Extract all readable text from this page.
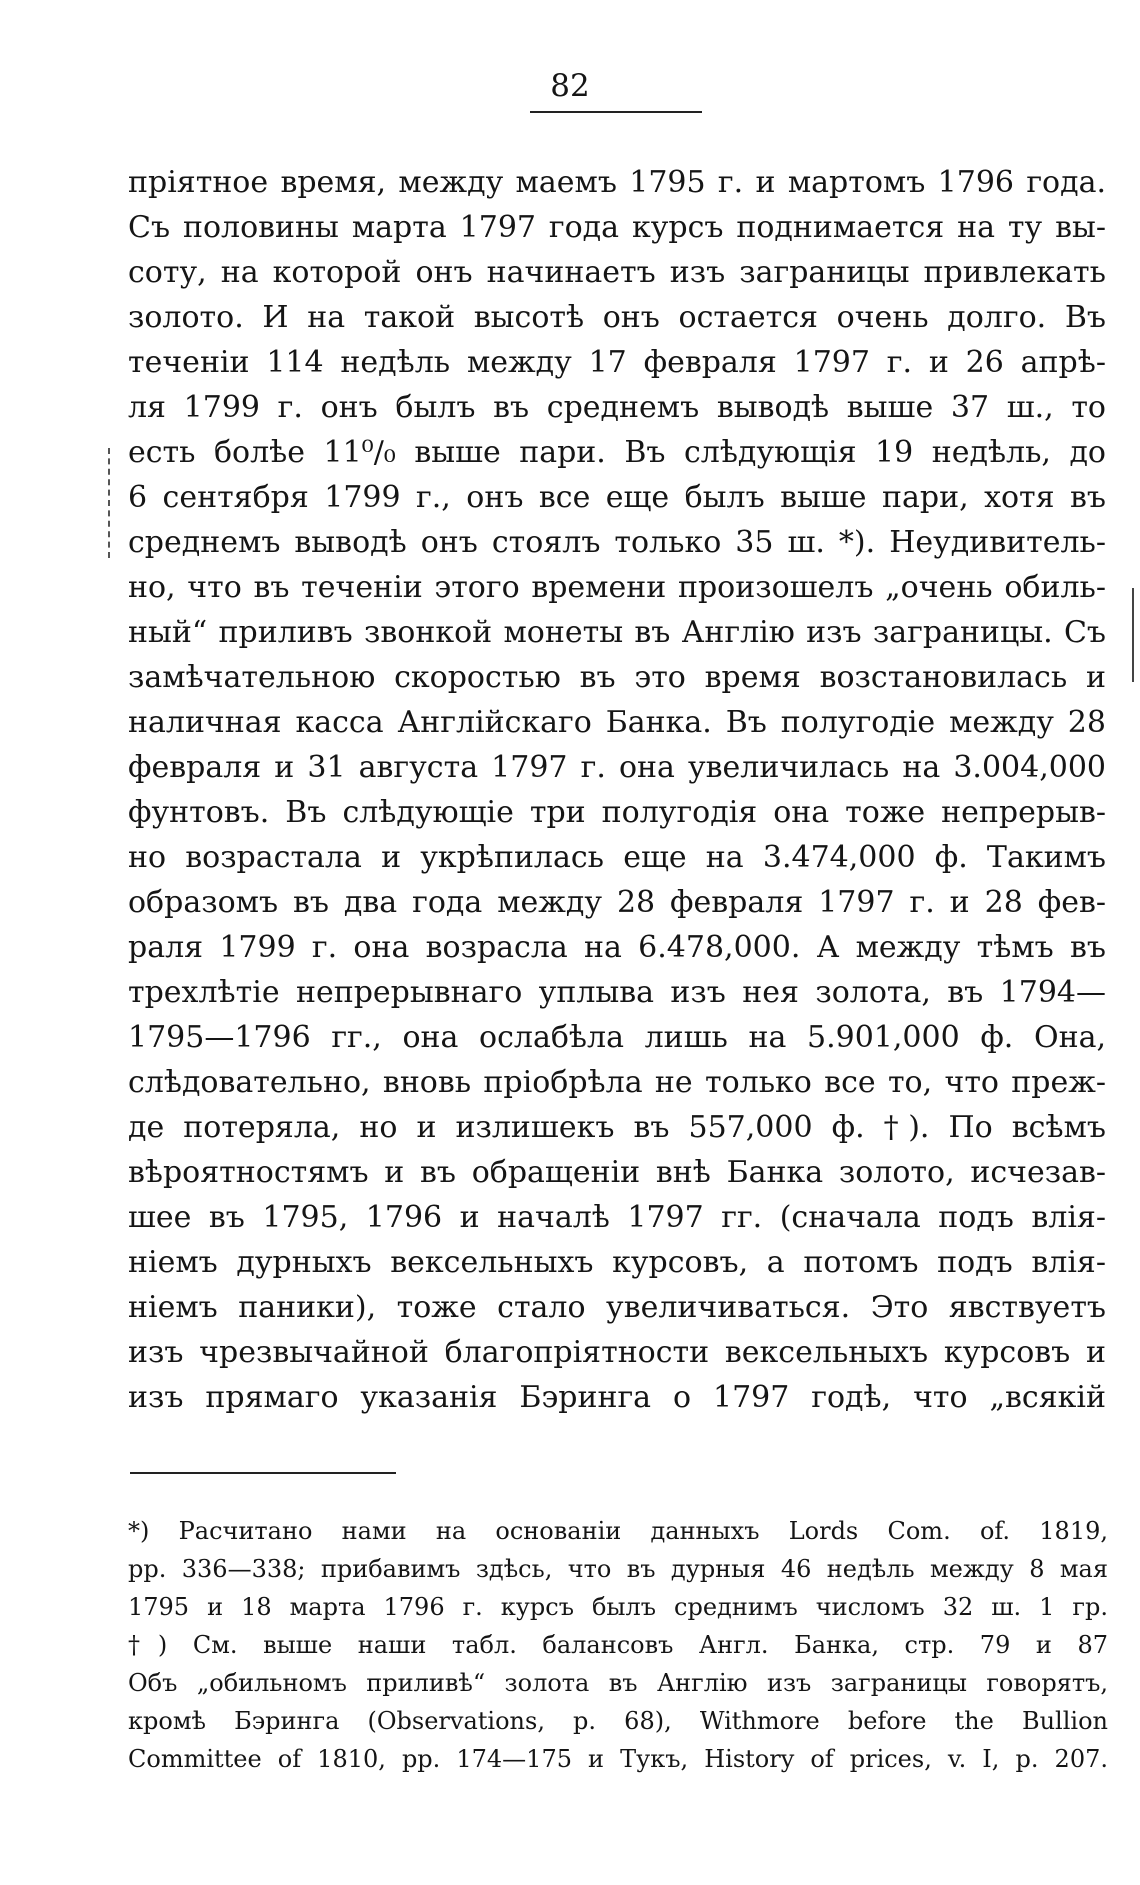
82
пріятное время, между маемъ 1795 г. и мартомъ 1796 года.
Съ половины марта 1797 года курсъ поднимается на ту вы-
соту, на которой онъ начинаетъ изъ заграницы привлекать
золото. И на такой высотѣ онъ остается очень долго. Въ
теченіи 114 недѣль между 17 февраля 1797 г. и 26 апрѣ-
ля 1799 г. онъ былъ въ среднемъ выводѣ выше 37 ш., то
есть болѣе 11⁰/₀ выше пари. Въ слѣдующія 19 недѣль, до
6 сентября 1799 г., онъ все еще былъ выше пари, хотя въ
среднемъ выводѣ онъ стоялъ только 35 ш. *). Неудивитель-
но, что въ теченіи этого времени произошелъ „очень обиль-
ный“ приливъ звонкой монеты въ Англію изъ заграницы. Съ
замѣчательною скоростью въ это время возстановилась и
наличная касса Англійскаго Банка. Въ полугодіе между 28
февраля и 31 августа 1797 г. она увеличилась на 3.004,000
фунтовъ. Въ слѣдующіе три полугодія она тоже непрерыв-
но возрастала и укрѣпилась еще на 3.474,000 ф. Такимъ
образомъ въ два года между 28 февраля 1797 г. и 28 фев-
раля 1799 г. она возрасла на 6.478,000. А между тѣмъ въ
трехлѣтіе непрерывнаго уплыва изъ нея золота, въ 1794—
1795—1796 гг., она ослабѣла лишь на 5.901,000 ф. Она,
слѣдовательно, вновь пріобрѣла не только все то, что преж-
де потеряла, но и излишекъ въ 557,000 ф. †). По всѣмъ
вѣроятностямъ и въ обращеніи внѣ Банка золото, исчезав-
шее въ 1795, 1796 и началѣ 1797 гг. (сначала подъ влія-
ніемъ дурныхъ вексельныхъ курсовъ, а потомъ подъ влія-
ніемъ паники), тоже стало увеличиваться. Это явствуетъ
изъ чрезвычайной благопріятности вексельныхъ курсовъ и
изъ прямаго указанія Бэринга о 1797 годѣ, что „всякій
*) Расчитано нами на основаніи данныхъ Lords Com. of. 1819,
pp. 336—338; прибавимъ здѣсь, что въ дурныя 46 недѣль между 8 мая
1795 и 18 марта 1796 г. курсъ былъ среднимъ числомъ 32 ш. 1 гр.
†) См. выше наши табл. балансовъ Англ. Банка, стр. 79 и 87
Объ „обильномъ приливѣ“ золота въ Англію изъ заграницы говорятъ,
кромѣ Бэринга (Observations, p. 68), Withmore before the Bullion
Committee of 1810, pp. 174—175 и Тукъ, History of prices, v. I, p. 207.
